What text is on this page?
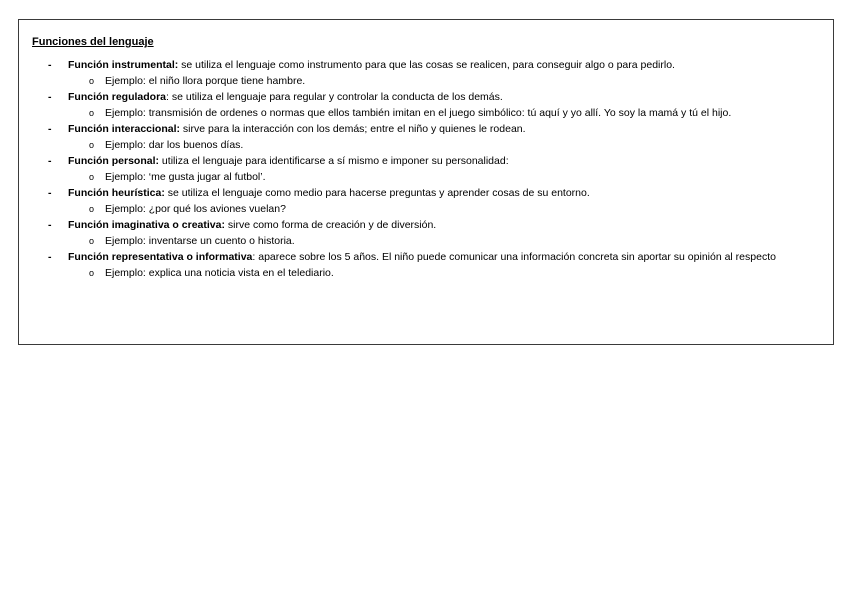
Funciones del lenguaje

- Función instrumental: se utiliza el lenguaje como instrumento para que las cosas se realicen, para conseguir algo o para pedirlo.
o Ejemplo: el niño llora porque tiene hambre.
- Función reguladora: se utiliza el lenguaje para regular y controlar la conducta de los demás.
o Ejemplo: transmisión de ordenes o normas que ellos también imitan en el juego simbólico: tú aquí y yo allí. Yo soy la mamá y tú el hijo.
- Función interaccional: sirve para la interacción con los demás; entre el niño y quienes le rodean.
o Ejemplo: dar los buenos días.
- Función personal: utiliza el lenguaje para identificarse a sí mismo e imponer su personalidad:
o Ejemplo: ‘me gusta jugar al futbol’.
- Función heurística: se utiliza el lenguaje como medio para hacerse preguntas y aprender cosas de su entorno.
o Ejemplo: ¿por qué los aviones vuelan?
- Función imaginativa o creativa: sirve como forma de creación y de diversión.
o Ejemplo: inventarse un cuento o historia.
- Función representativa o informativa: aparece sobre los 5 años. El niño puede comunicar una información concreta sin aportar su opinión al respecto
o Ejemplo: explica una noticia vista en el telediario.
